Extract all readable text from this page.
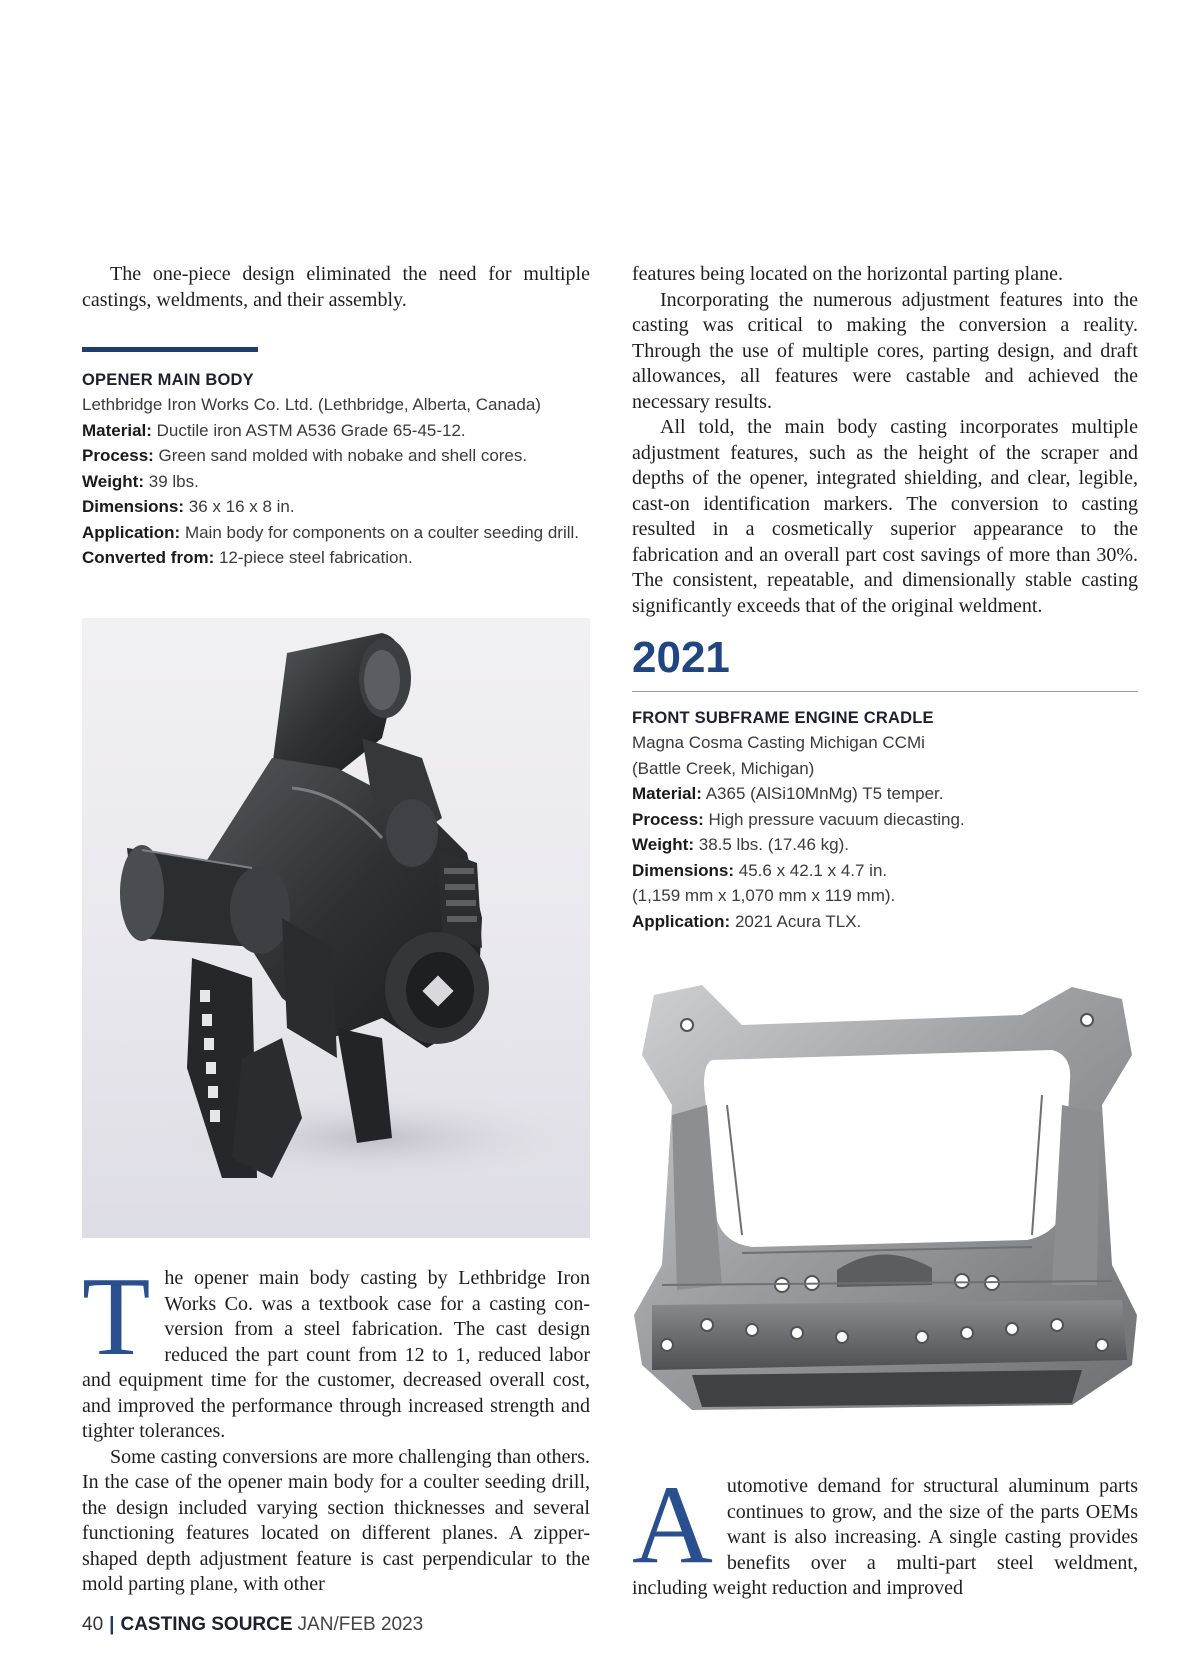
The one-piece design eliminated the need for multiple castings, weldments, and their assembly.

OPENER MAIN BODY

Lethbridge Iron Works Co. Ltd. (Lethbridge, Alberta, Canada)

Material: Ductile iron ASTM A536 Grade 65-45-12.

Process: Green sand molded with nobake and shell cores.

Weight: 39 lbs.

Dimensions: 36 x 16 x 8 in.

Application: Main body for components on a coulter seeding drill.

Converted from: 12-piece steel fabrication.

The opener main body casting by Lethbridge Iron Works Co. was a textbook case for a casting conversion from a steel fabrication. The cast design reduced the part count from 12 to 1, reduced labor and equipment time for the customer, decreased overall cost, and improved the performance through increased strength and tighter tolerances.

Some casting conversions are more challenging than others. In the case of the opener main body for a coulter seeding drill, the design included varying section thicknesses and several functioning features located on different planes. A zipper-shaped depth adjustment feature is cast perpendicular to the mold parting plane, with other

features being located on the horizontal parting plane.

Incorporating the numerous adjustment features into the casting was critical to making the conversion a reality. Through the use of multiple cores, parting design, and draft allowances, all features were castable and achieved the necessary results.

All told, the main body casting incorporates multiple adjustment features, such as the height of the scraper and depths of the opener, integrated shielding, and clear, legible, cast-on identification markers. The conversion to casting resulted in a cosmetically superior appearance to the fabrication and an overall part cost savings of more than 30%. The consistent, repeatable, and dimensionally stable casting significantly exceeds that of the original weldment.

2021

FRONT SUBFRAME ENGINE CRADLE

Magna Cosma Casting Michigan CCMi

(Battle Creek, Michigan)

Material: A365 (AlSi10MnMg) T5 temper.

Process: High pressure vacuum diecasting.

Weight: 38.5 lbs. (17.46 kg).

Dimensions: 45.6 x 42.1 x 4.7 in.

(1,159 mm x 1,070 mm x 119 mm).

Application: 2021 Acura TLX.

Automotive demand for structural aluminum parts continues to grow, and the size of the parts OEMs want is also increasing. A single casting provides benefits over a multi-part steel weldment, including weight reduction and improved

40 | CASTING SOURCE JAN/FEB 2023
